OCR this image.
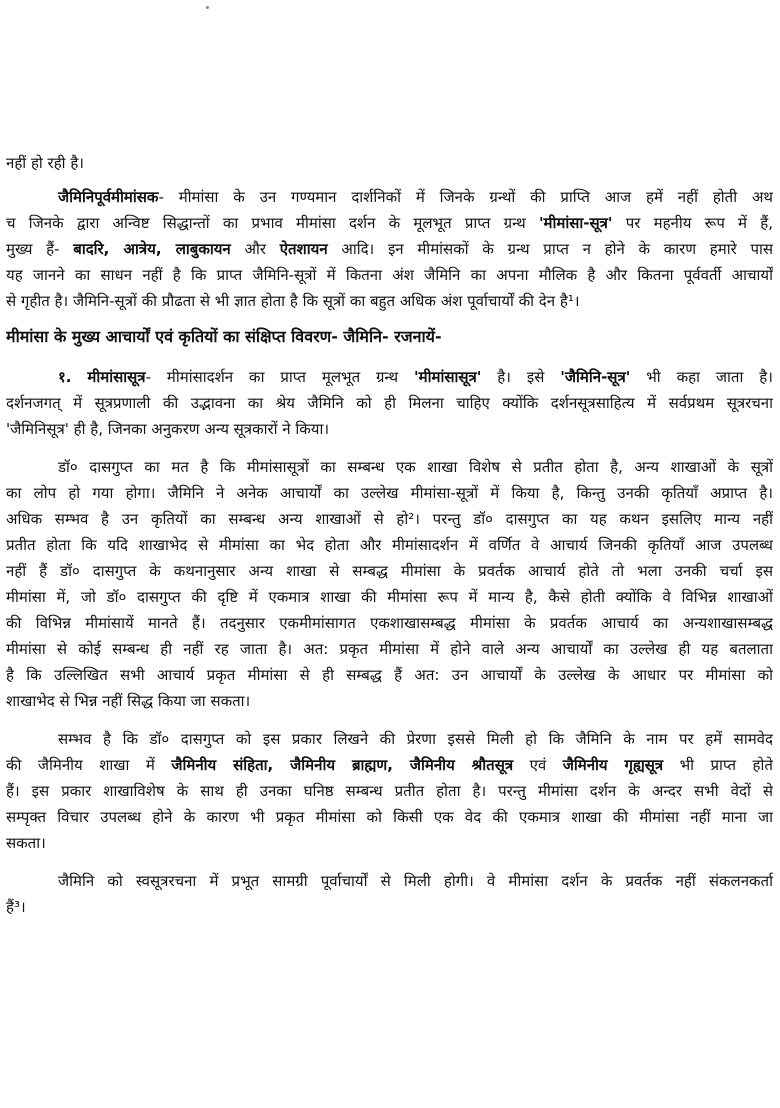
नहीं हो रही है।
जैमिनिपूर्वमीमांसक- मीमांसा के उन गण्यमान दार्शनिकों में जिनके ग्रन्थों की प्राप्ति आज हमें नहीं होती अथ
च जिनके द्वारा अन्विष्ट सिद्धान्तों का प्रभाव मीमांसा दर्शन के मूलभूत प्राप्त ग्रन्थ 'मीमांसा-सूत्र' पर महनीय रूप में हैं,
मुख्य हैं- बादरि, आत्रेय, लाबुकायन और ऐतशायन आदि। इन मीमांसकों के ग्रन्थ प्राप्त न होने के कारण हमारे पास
यह जानने का साधन नहीं है कि प्राप्त जैमिनि-सूत्रों में कितना अंश जैमिनि का अपना मौलिक है और कितना पूर्ववर्ती आचार्यों
से गृहीत है। जैमिनि-सूत्रों की प्रौढता से भी ज्ञात होता है कि सूत्रों का बहुत अधिक अंश पूर्वाचार्यों की देन है¹।
मीमांसा के मुख्य आचार्यों एवं कृतियों का संक्षिप्त विवरण- जैमिनि- रजनायें-
१. मीमांसासूत्र- मीमांसादर्शन का प्राप्त मूलभूत ग्रन्थ 'मीमांसासूत्र' है। इसे 'जैमिनि-सूत्र' भी कहा जाता है।
दर्शनजगत् में सूत्रप्रणाली की उद्भावना का श्रेय जैमिनि को ही मिलना चाहिए क्योंकि दर्शनसूत्रसाहित्य में सर्वप्रथम सूत्ररचना
'जैमिनिसूत्र' ही है, जिनका अनुकरण अन्य सूत्रकारों ने किया।
डॉ० दासगुप्त का मत है कि मीमांसासूत्रों का सम्बन्ध एक शाखा विशेष से प्रतीत होता है, अन्य शाखाओं के सूत्रों
का लोप हो गया होगा। जैमिनि ने अनेक आचार्यों का उल्लेख मीमांसा-सूत्रों में किया है, किन्तु उनकी कृतियाँ अप्राप्त है।
अधिक सम्भव है उन कृतियों का सम्बन्ध अन्य शाखाओं से हो²। परन्तु डॉ० दासगुप्त का यह कथन इसलिए मान्य नहीं
प्रतीत होता कि यदि शाखाभेद से मीमांसा का भेद होता और मीमांसादर्शन में वर्णित वे आचार्य जिनकी कृतियाँ आज उपलब्ध
नहीं हैं डॉ० दासगुप्त के कथनानुसार अन्य शाखा से सम्बद्ध मीमांसा के प्रवर्तक आचार्य होते तो भला उनकी चर्चा इस
मीमांसा में, जो डॉ० दासगुप्त की दृष्टि में एकमात्र शाखा की मीमांसा रूप में मान्य है, कैसे होती क्योंकि वे विभिन्न शाखाओं
की विभिन्न मीमांसायें मानते हैं। तदनुसार एकमीमांसागत एकशाखासम्बद्ध मीमांसा के प्रवर्तक आचार्य का अन्यशाखासम्बद्ध
मीमांसा से कोई सम्बन्ध ही नहीं रह जाता है। अत: प्रकृत मीमांसा में होने वाले अन्य आचार्यों का उल्लेख ही यह बतलाता
है कि उल्लिखित सभी आचार्य प्रकृत मीमांसा से ही सम्बद्ध हैं अत: उन आचार्यों के उल्लेख के आधार पर मीमांसा को
शाखाभेद से भिन्न नहीं सिद्ध किया जा सकता।
सम्भव है कि डॉ० दासगुप्त को इस प्रकार लिखने की प्रेरणा इससे मिली हो कि जैमिनि के नाम पर हमें सामवेद
की जैमिनीय शाखा में जैमिनीय संहिता, जैमिनीय ब्राह्मण, जैमिनीय श्रौतसूत्र एवं जैमिनीय गृह्यसूत्र भी प्राप्त होते
हैं। इस प्रकार शाखाविशेष के साथ ही उनका घनिष्ठ सम्बन्ध प्रतीत होता है। परन्तु मीमांसा दर्शन के अन्दर सभी वेदों से
सम्पृक्त विचार उपलब्ध होने के कारण भी प्रकृत मीमांसा को किसी एक वेद की एकमात्र शाखा की मीमांसा नहीं माना जा
सकता।
जैमिनि को स्वसूत्ररचना में प्रभूत सामग्री पूर्वाचार्यों से मिली होगी। वे मीमांसा दर्शन के प्रवर्तक नहीं संकलनकर्ता
हैं³।
